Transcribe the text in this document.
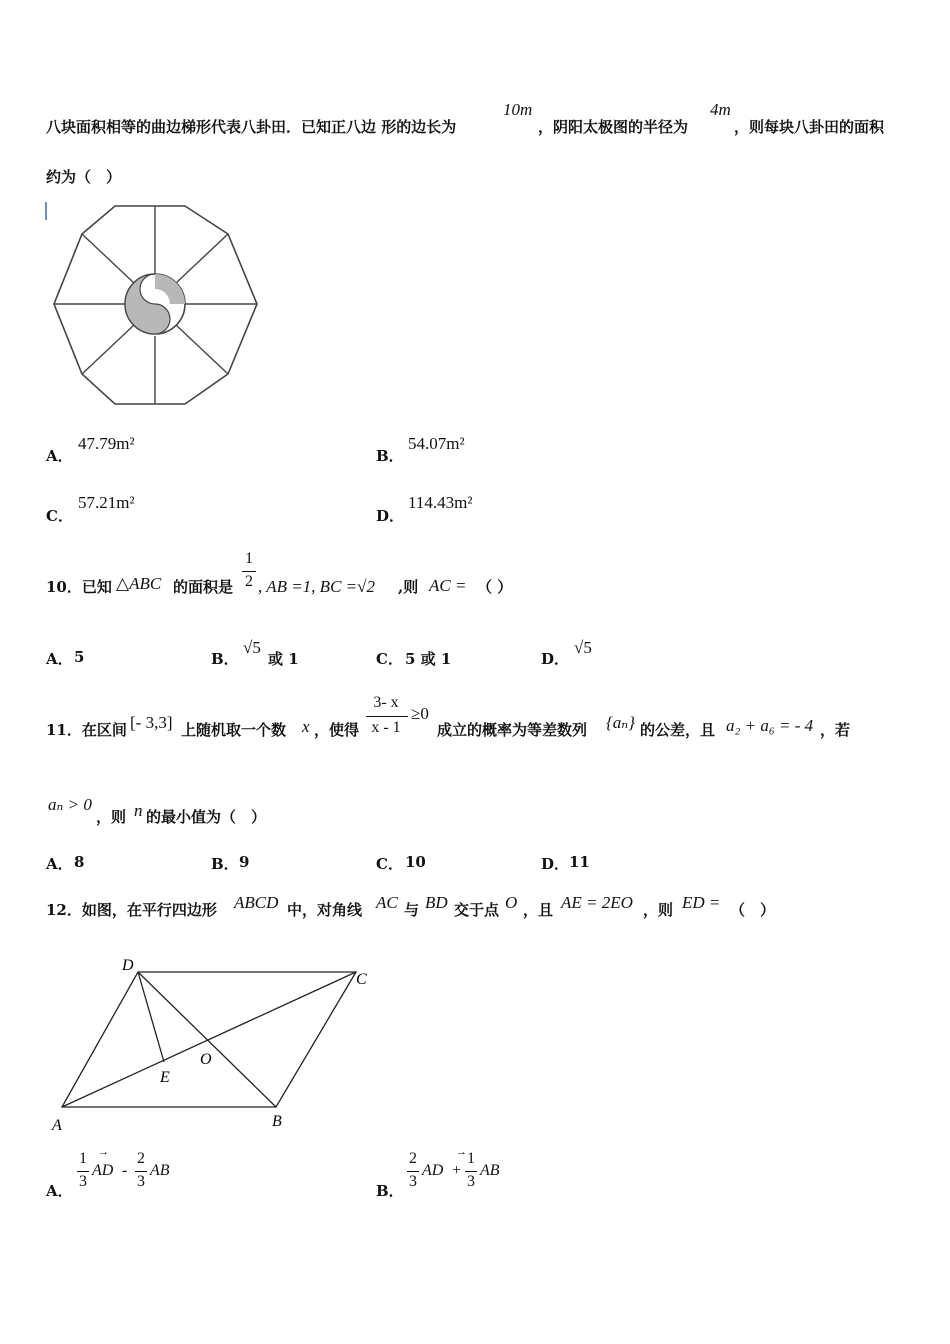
八块面积相等的曲边梯形代表八卦田．已知正八边 形的边长为
10m
，阴阳太极图的半径为
4m
，则每块八卦田的面积
约为（　）
A．
47.79m²
B．
54.07m²
C．
57.21m²
D．
114.43m²
10．已知 △ABC 的面积是
1
2 , AB =1, BC =√2 ,则 AC = （ ）
A． 5	B．
√5
或 1	C． 5 或 1	D．
√5
11．在区间 [- 3,3] 上随机取一个数 x ，使得
3- x
x - 1
≥0
成立的概率为等差数列 {aₙ} 的公差，且 a₂ + a₆ = - 4 ，若
aₙ > 0
，则 n 的最小值为（　）
A． 8	B． 9	C． 10	D． 11
12．如图，在平行四边形 ABCD 中，对角线 AC 与 BD 交于点 O ，且 AE = 2EO ，则 ED = （　）
D
C
O
E
A	B
A．
1
3
AD
→
-
2
3
AB
B．
2
3
AD +
→ 1
3
AB
